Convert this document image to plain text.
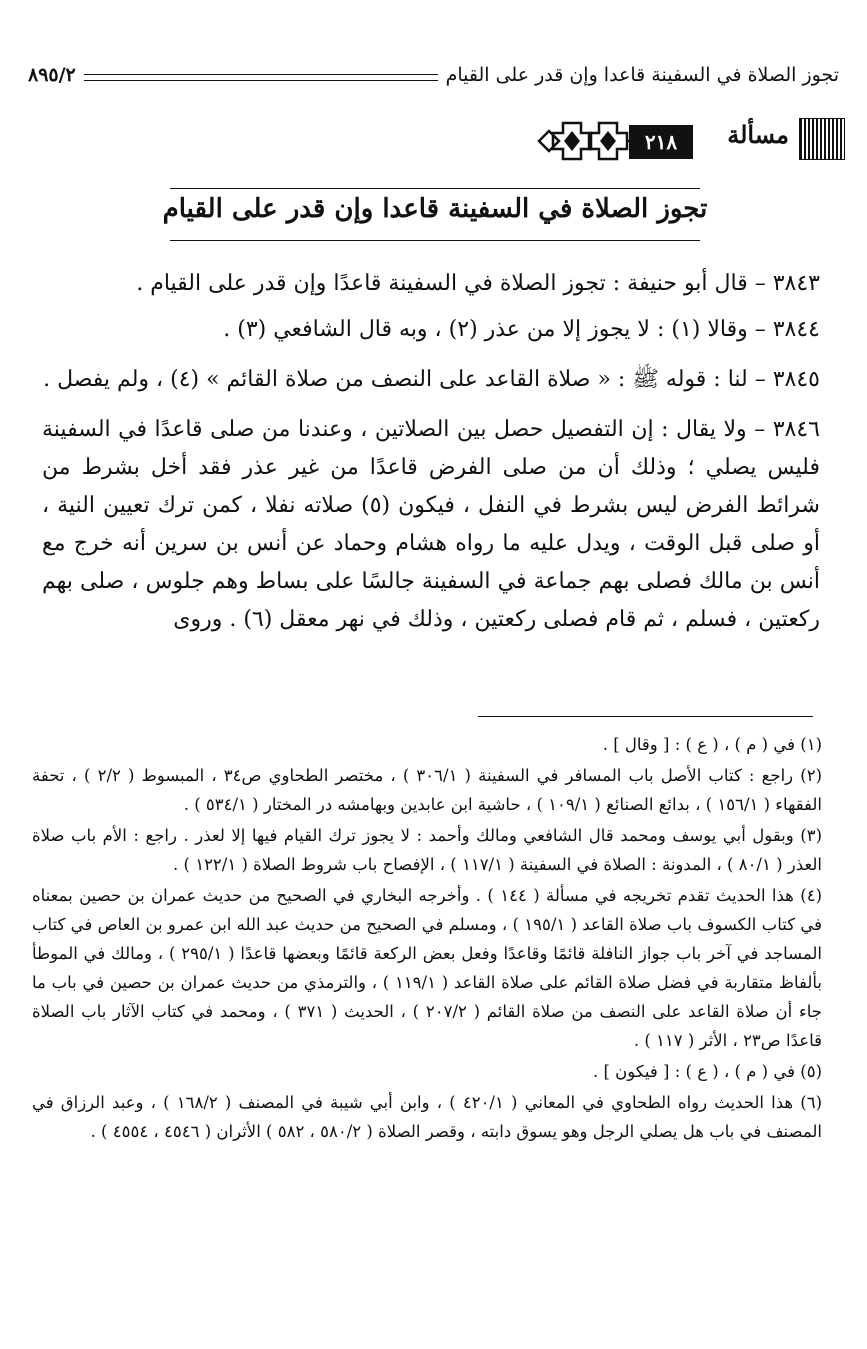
تجوز الصلاة في السفينة قاعدا وإن قدر على القيام
٨٩٥/٢
مسألة
٢١٨
تجوز الصلاة في السفينة قاعدا وإن قدر على القيام

٣٨٤٣ – قال أبو حنيفة : تجوز الصلاة في السفينة قاعدًا وإن قدر على القيام .

٣٨٤٤ – وقالا (١) : لا يجوز إلا من عذر (٢) ، وبه قال الشافعي (٣) .

٣٨٤٥ – لنا : قوله ﷺ : « صلاة القاعد على النصف من صلاة القائم » (٤) ، ولم يفصل .

٣٨٤٦ – ولا يقال : إن التفصيل حصل بين الصلاتين ، وعندنا من صلى قاعدًا في السفينة فليس يصلي ؛ وذلك أن من صلى الفرض قاعدًا من غير عذر فقد أخل بشرط من شرائط الفرض ليس بشرط في النفل ، فيكون (٥) صلاته نفلا ، كمن ترك تعيين النية ، أو صلى قبل الوقت ، ويدل عليه ما رواه هشام وحماد عن أنس بن سرين أنه خرج مع أنس بن مالك فصلى بهم جماعة في السفينة جالسًا على بساط وهم جلوس ، صلى بهم ركعتين ، فسلم ، ثم قام فصلى ركعتين ، وذلك في نهر معقل (٦) . وروى

(١) في ( م ) ، ( ع ) : [ وقال ] .

(٢) راجع : كتاب الأصل باب المسافر في السفينة ( ٣٠٦/١ ) ، مختصر الطحاوي ص٣٤ ، المبسوط ( ٢/٢ ) ، تحفة الفقهاء ( ١٥٦/١ ) ، بدائع الصنائع ( ١٠٩/١ ) ، حاشية ابن عابدين وبهامشه در المختار ( ٥٣٤/١ ) .

(٣) وبقول أبي يوسف ومحمد قال الشافعي ومالك وأحمد : لا يجوز ترك القيام فيها إلا لعذر . راجع : الأم باب صلاة العذر ( ٨٠/١ ) ، المدونة : الصلاة في السفينة ( ١١٧/١ ) ، الإفصاح باب شروط الصلاة ( ١٢٢/١ ) .

(٤) هذا الحديث تقدم تخريجه في مسألة ( ١٤٤ ) . وأخرجه البخاري في الصحيح من حديث عمران بن حصين بمعناه في كتاب الكسوف باب صلاة القاعد ( ١٩٥/١ ) ، ومسلم في الصحيح من حديث عبد الله ابن عمرو بن العاص في كتاب المساجد في آخر باب جواز النافلة قائمًا وقاعدًا وفعل بعض الركعة قائمًا وبعضها قاعدًا ( ٢٩٥/١ ) ، ومالك في الموطأ بألفاظ متقاربة في فضل صلاة القائم على صلاة القاعد ( ١١٩/١ ) ، والترمذي من حديث عمران بن حصين في باب ما جاء أن صلاة القاعد على النصف من صلاة القائم ( ٢٠٧/٢ ) ، الحديث ( ٣٧١ ) ، ومحمد في كتاب الآثار باب الصلاة قاعدًا ص٢٣ ، الأثر ( ١١٧ ) .

(٥) في ( م ) ، ( ع ) : [ فيكون ] .

(٦) هذا الحديث رواه الطحاوي في المعاني ( ٤٢٠/١ ) ، وابن أبي شيبة في المصنف ( ١٦٨/٢ ) ، وعبد الرزاق في المصنف في باب هل يصلي الرجل وهو يسوق دابته ، وقصر الصلاة ( ٥٨٠/٢ ، ٥٨٢ ) الأثران ( ٤٥٤٦ ، ٤٥٥٤ ) .
